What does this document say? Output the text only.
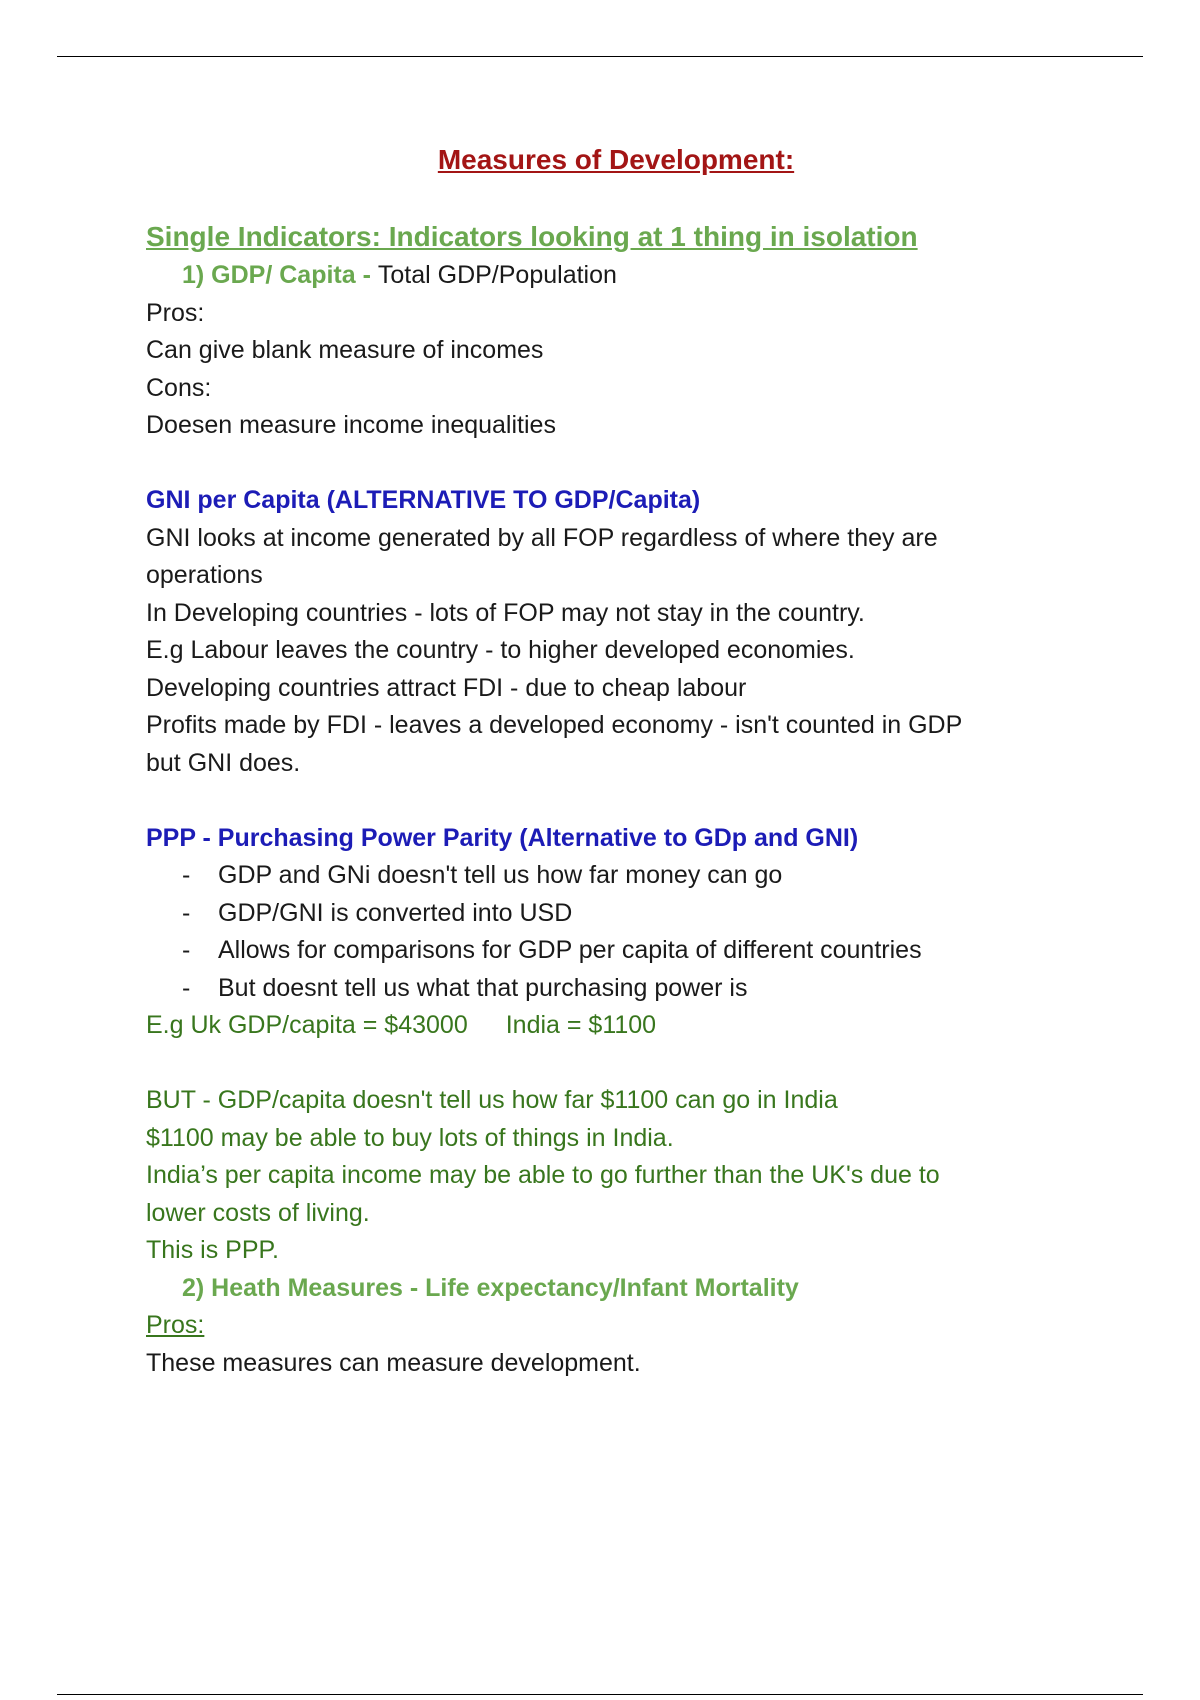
Measures of Development:
Single Indicators: Indicators looking at 1 thing in isolation
1) GDP/ Capita - Total GDP/Population
Pros:
Can give blank measure of incomes
Cons:
Doesen measure income inequalities
GNI per Capita (ALTERNATIVE TO GDP/Capita)
GNI looks at income generated by all FOP regardless of where they are
operations
In Developing countries - lots of FOP may not stay in the country.
E.g Labour leaves the country - to higher developed economies.
Developing countries attract FDI - due to cheap labour
Profits made by FDI - leaves a developed economy - isn't counted in GDP
but GNI does.
PPP - Purchasing Power Parity (Alternative to GDp and GNI)
- GDP and GNi doesn't tell us how far money can go
- GDP/GNI is converted into USD
- Allows for comparisons for GDP per capita of different countries
- But doesnt tell us what that purchasing power is
E.g Uk GDP/capita = $43000 India = $1100
BUT - GDP/capita doesn't tell us how far $1100 can go in India
$1100 may be able to buy lots of things in India.
India’s per capita income may be able to go further than the UK's due to
lower costs of living.
This is PPP.
2) Heath Measures - Life expectancy/Infant Mortality
Pros:
These measures can measure development.
